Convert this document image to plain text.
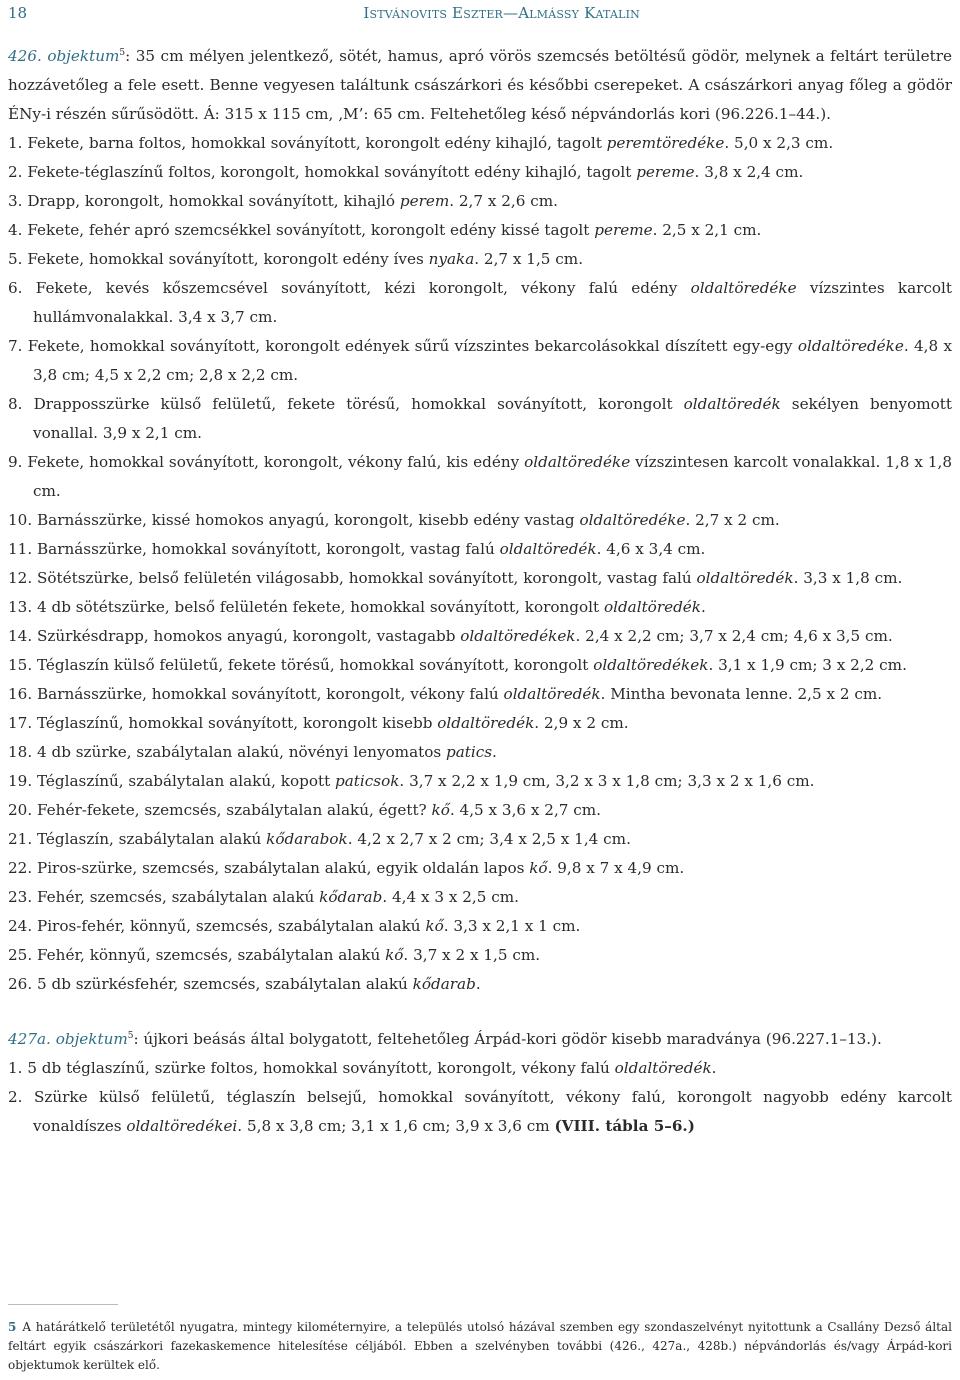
18	Istvánovits Eszter—Almássy Katalin
426. objektum$^5$: 35 cm mélyen jelentkező, sötét, hamus, apró vörös szemcsés betöltésű gödör, melynek a feltárt területre hozzávetőleg a fele esett. Benne vegyesen találtunk császárkori és későbbi cserepeket. A császárkori anyag főleg a gödör ÉNy-i részén sűrűsödött. Á: 315 x 115 cm, ‚M’: 65 cm. Feltehetőleg késő népvándorlás kori (96.226.1–44.).
1. Fekete, barna foltos, homokkal soványított, korongolt edény kihajló, tagolt peremtöredéke. 5,0 x 2,3 cm.
2. Fekete-téglaszínű foltos, korongolt, homokkal soványított edény kihajló, tagolt pereme. 3,8 x 2,4 cm.
3. Drapp, korongolt, homokkal soványított, kihajló perem. 2,7 x 2,6 cm.
4. Fekete, fehér apró szemcsékkel soványított, korongolt edény kissé tagolt pereme. 2,5 x 2,1 cm.
5. Fekete, homokkal soványított, korongolt edény íves nyaka. 2,7 x 1,5 cm.
6. Fekete, kevés kőszemcsével soványított, kézi korongolt, vékony falú edény oldaltöredéke vízszintes karcolt hullámvonalakkal. 3,4 x 3,7 cm.
7. Fekete, homokkal soványított, korongolt edények sűrű vízszintes bekarcolásokkal díszített egy-egy oldaltöredéke. 4,8 x 3,8 cm; 4,5 x 2,2 cm; 2,8 x 2,2 cm.
8. Drapposszürke külső felületű, fekete törésű, homokkal soványított, korongolt oldaltöredék sekélyen benyomott vonallal. 3,9 x 2,1 cm.
9. Fekete, homokkal soványított, korongolt, vékony falú, kis edény oldaltöredéke vízszintesen karcolt vonalakkal. 1,8 x 1,8 cm.
10. Barnásszürke, kissé homokos anyagú, korongolt, kisebb edény vastag oldaltöredéke. 2,7 x 2 cm.
11. Barnásszürke, homokkal soványított, korongolt, vastag falú oldaltöredék. 4,6 x 3,4 cm.
12. Sötétszürke, belső felületén világosabb, homokkal soványított, korongolt, vastag falú oldaltöredék. 3,3 x 1,8 cm.
13. 4 db sötétszürke, belső felületén fekete, homokkal soványított, korongolt oldaltöredék.
14. Szürkésdrapp, homokos anyagú, korongolt, vastagabb oldaltöredékek. 2,4 x 2,2 cm; 3,7 x 2,4 cm; 4,6 x 3,5 cm.
15. Téglaszín külső felületű, fekete törésű, homokkal soványított, korongolt oldaltöredékek. 3,1 x 1,9 cm; 3 x 2,2 cm.
16. Barnásszürke, homokkal soványított, korongolt, vékony falú oldaltöredék. Mintha bevonata lenne. 2,5 x 2 cm.
17. Téglaszínű, homokkal soványított, korongolt kisebb oldaltöredék. 2,9 x 2 cm.
18. 4 db szürke, szabálytalan alakú, növényi lenyomatos patics.
19. Téglaszínű, szabálytalan alakú, kopott paticsok. 3,7 x 2,2 x 1,9 cm, 3,2 x 3 x 1,8 cm; 3,3 x 2 x 1,6 cm.
20. Fehér-fekete, szemcsés, szabálytalan alakú, égett? kő. 4,5 x 3,6 x 2,7 cm.
21. Téglaszín, szabálytalan alakú kődarabok. 4,2 x 2,7 x 2 cm; 3,4 x 2,5 x 1,4 cm.
22. Piros-szürke, szemcsés, szabálytalan alakú, egyik oldalán lapos kő. 9,8 x 7 x 4,9 cm.
23. Fehér, szemcsés, szabálytalan alakú kődarab. 4,4 x 3 x 2,5 cm.
24. Piros-fehér, könnyű, szemcsés, szabálytalan alakú kő. 3,3 x 2,1 x 1 cm.
25. Fehér, könnyű, szemcsés, szabálytalan alakú kő. 3,7 x 2 x 1,5 cm.
26. 5 db szürkésfehér, szemcsés, szabálytalan alakú kődarab.
427a. objektum$^5$: újkori beásás által bolygatott, feltehetőleg Árpád-kori gödör kisebb maradványa (96.227.1–13.).
1. 5 db téglaszínű, szürke foltos, homokkal soványított, korongolt, vékony falú oldaltöredék.
2. Szürke külső felületű, téglaszín belsejű, homokkal soványított, vékony falú, korongolt nagyobb edény karcolt vonaldíszes oldaltöredékei. 5,8 x 3,8 cm; 3,1 x 1,6 cm; 3,9 x 3,6 cm (VIII. tábla 5–6.)
5 A határátkelő területétől nyugatra, mintegy kilométernyire, a település utolsó házával szemben egy szondaszelvényt nyitottunk a Csallány Dezső által feltárt egyik császárkori fazekaskemence hitelesítése céljából. Ebben a szelvényben további (426., 427a., 428b.) népvándorlás és/vagy Árpád-kori objektumok kerültek elő.
